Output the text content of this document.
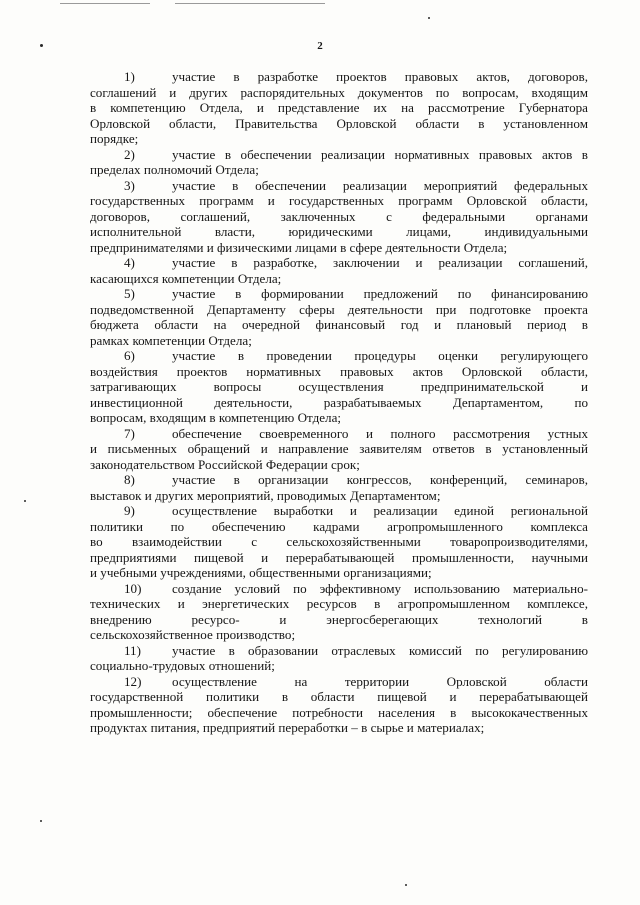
2
1)	участие в разработке проектов правовых актов, договоров,
соглашений и других распорядительных документов по вопросам, входящим
в компетенцию Отдела, и представление их на рассмотрение Губернатора
Орловской области, Правительства Орловской области в установленном
порядке;
2)	участие в обеспечении реализации нормативных правовых актов в
пределах полномочий Отдела;
3)	участие в обеспечении реализации мероприятий федеральных
государственных программ и государственных программ Орловской области,
договоров, соглашений, заключенных с федеральными органами
исполнительной власти, юридическими лицами, индивидуальными
предпринимателями и физическими лицами в сфере деятельности Отдела;
4)	участие в разработке, заключении и реализации соглашений,
касающихся компетенции Отдела;
5)	участие в формировании предложений по финансированию
подведомственной Департаменту сферы деятельности при подготовке проекта
бюджета области на очередной финансовый год и плановый период в
рамках компетенции Отдела;
6)	участие в проведении процедуры оценки регулирующего
воздействия проектов нормативных правовых актов Орловской области,
затрагивающих вопросы осуществления предпринимательской и
инвестиционной деятельности, разрабатываемых Департаментом, по
вопросам, входящим в компетенцию Отдела;
7)	обеспечение своевременного и полного рассмотрения устных
и письменных обращений и направление заявителям ответов в установленный
законодательством Российской Федерации срок;
8)	участие в организации конгрессов, конференций, семинаров,
выставок и других мероприятий, проводимых Департаментом;
9)	осуществление выработки и реализации единой региональной
политики по обеспечению кадрами агропромышленного комплекса
во взаимодействии с сельскохозяйственными товаропроизводителями,
предприятиями пищевой и перерабатывающей промышленности, научными
и учебными учреждениями, общественными организациями;
10) создание условий по эффективному использованию материально-
технических и энергетических ресурсов в агропромышленном комплексе,
внедрению ресурсо- и энергосберегающих технологий в
сельскохозяйственное производство;
11) участие в образовании отраслевых комиссий по регулированию
социально-трудовых отношений;
12) осуществление на территории Орловской области
государственной политики в области пищевой и перерабатывающей
промышленности; обеспечение потребности населения в высококачественных
продуктах питания, предприятий переработки – в сырье и материалах;
